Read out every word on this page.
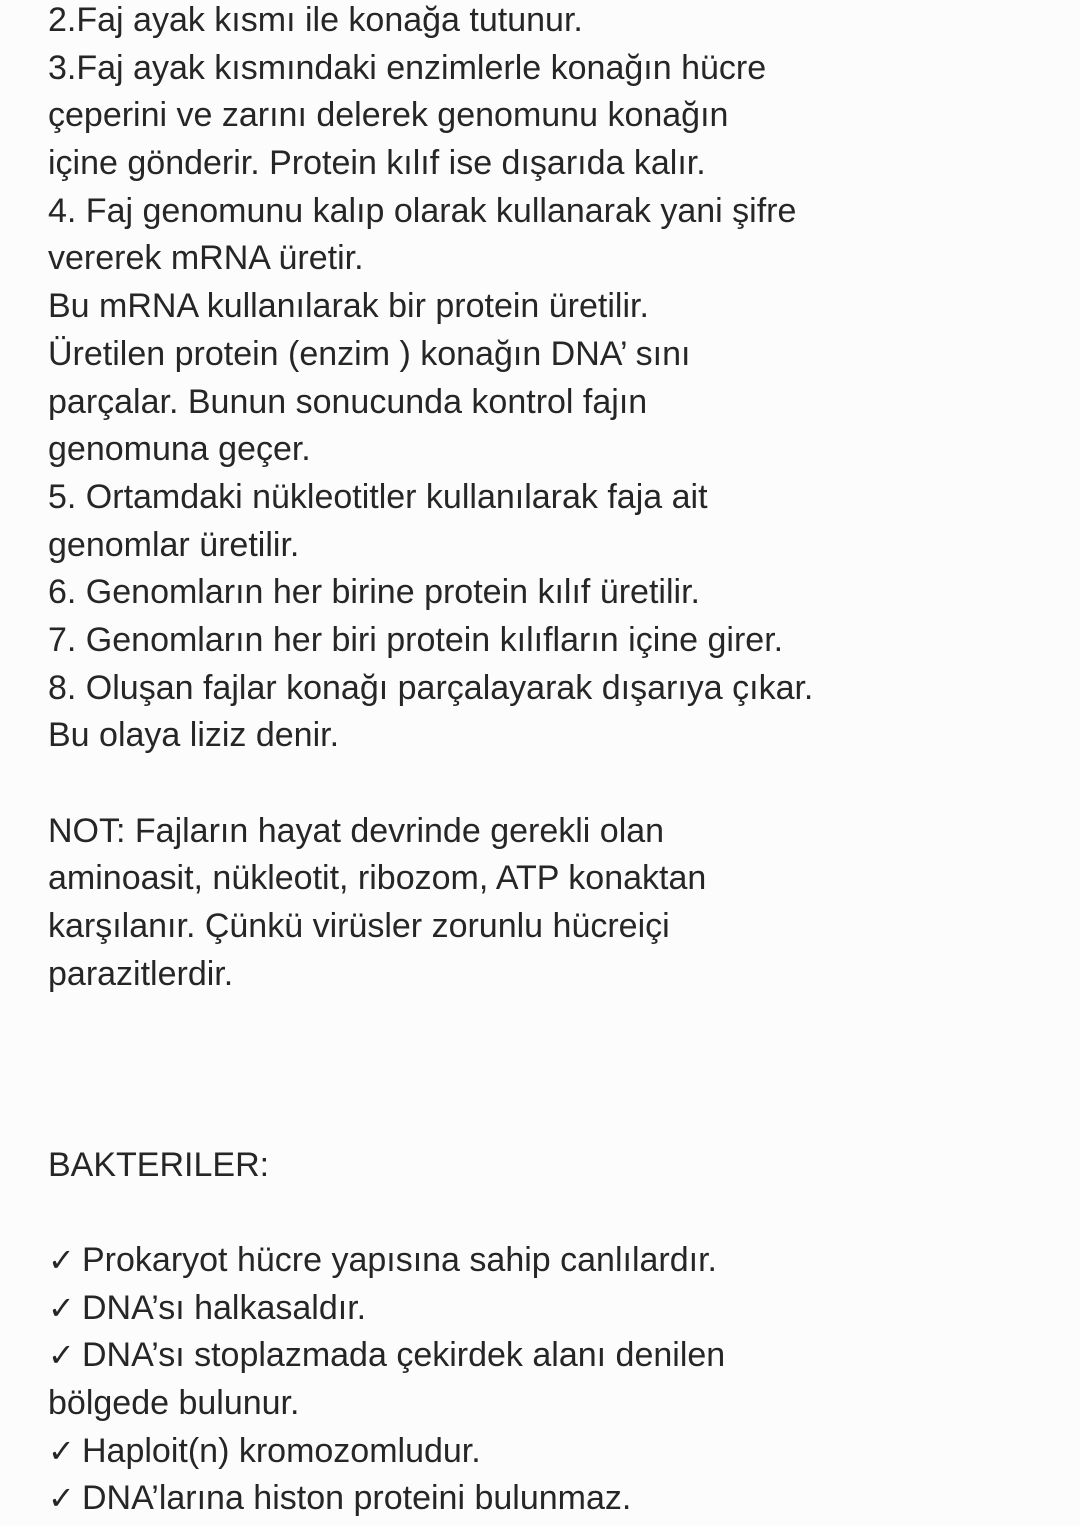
2.Faj ayak kısmı ile konağa tutunur.
3.Faj ayak kısmındaki enzimlerle konağın hücre
çeperini ve zarını delerek genomunu konağın
içine gönderir. Protein kılıf ise dışarıda kalır.
4. Faj genomunu kalıp olarak kullanarak yani şifre
vererek mRNA üretir.
Bu mRNA kullanılarak bir protein üretilir.
Üretilen protein (enzim ) konağın DNA’ sını
parçalar. Bunun sonucunda kontrol fajın
genomuna geçer.
5. Ortamdaki nükleotitler kullanılarak faja ait
genomlar üretilir.
6. Genomların her birine protein kılıf üretilir.
7. Genomların her biri protein kılıfların içine girer.
8. Oluşan fajlar konağı parçalayarak dışarıya çıkar.
Bu olaya liziz denir.
NOT: Fajların hayat devrinde gerekli olan
aminoasit, nükleotit, ribozom, ATP konaktan
karşılanır. Çünkü virüsler zorunlu hücreiçi
parazitlerdir.
BAKTERILER:
✓ Prokaryot hücre yapısına sahip canlılardır.
✓ DNA’sı halkasaldır.
✓ DNA’sı stoplazmada çekirdek alanı denilen
bölgede bulunur.
✓ Haploit(n) kromozomludur.
✓ DNA’larına histon proteini bulunmaz.
